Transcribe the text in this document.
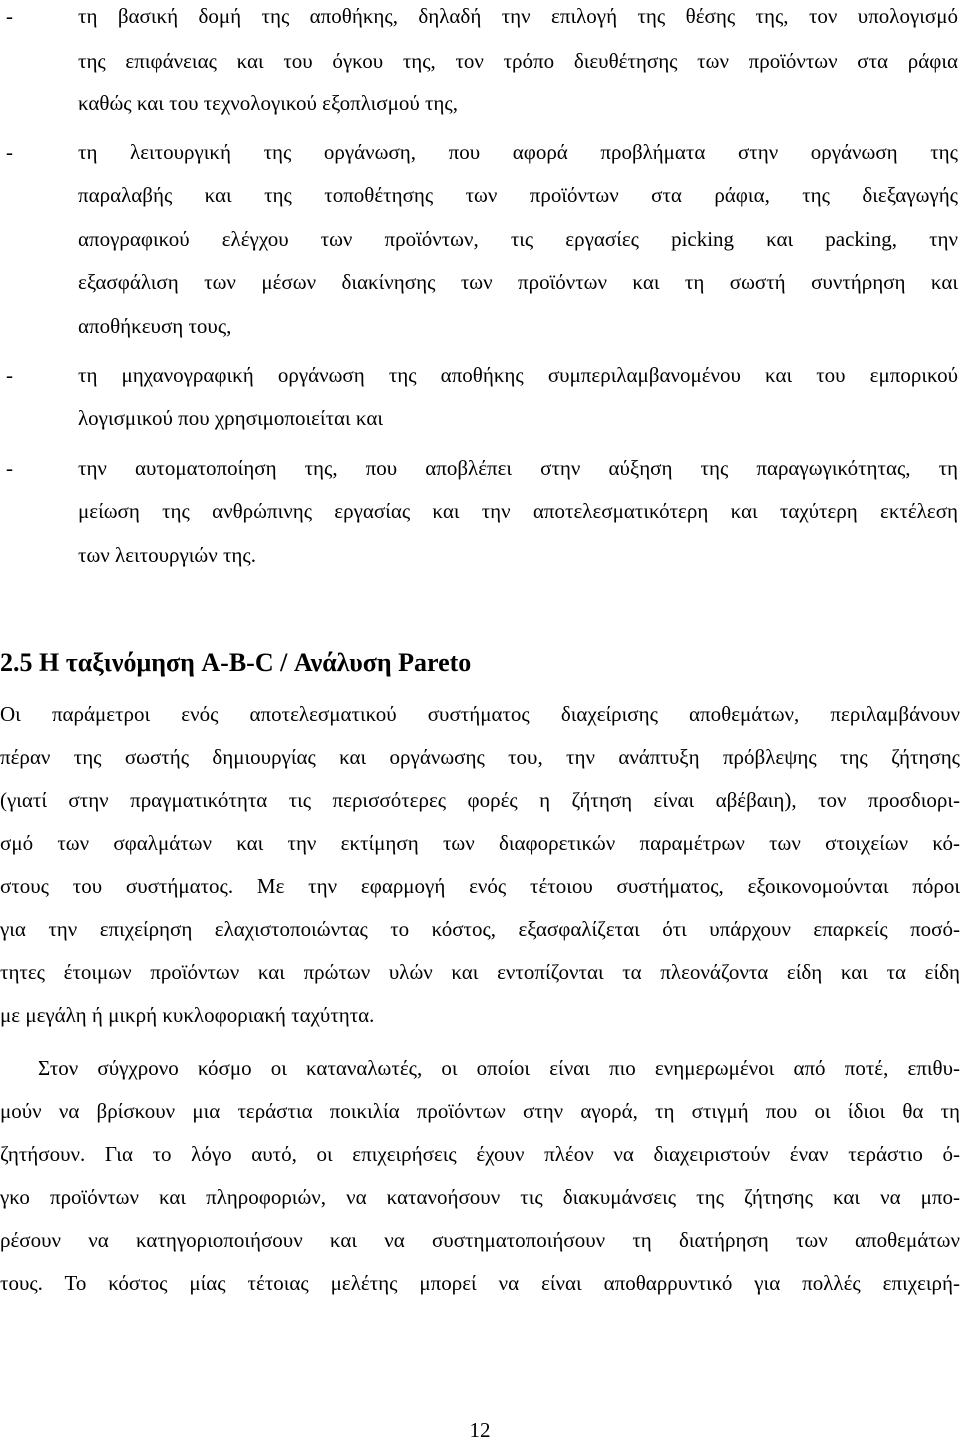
-	τη βασική δομή της αποθήκης, δηλαδή την επιλογή της θέσης της, τον υπολογισμό
της επιφάνειας και του όγκου της, τον τρόπο διευθέτησης των προϊόντων στα ράφια
καθώς και του τεχνολογικού εξοπλισμού της,
-	τη λειτουργική της οργάνωση, που αφορά προβλήματα στην οργάνωση της
παραλαβής και της τοποθέτησης των προϊόντων στα ράφια, της διεξαγωγής
απογραφικού ελέγχου των προϊόντων, τις εργασίες picking και packing, την
εξασφάλιση των μέσων διακίνησης των προϊόντων και τη σωστή συντήρηση και
αποθήκευση τους,
-	τη μηχανογραφική οργάνωση της αποθήκης συμπεριλαμβανομένου και του εμπορικού
λογισμικού που χρησιμοποιείται και
-	την αυτοματοποίηση της, που αποβλέπει στην αύξηση της παραγωγικότητας, τη
μείωση της ανθρώπινης εργασίας και την αποτελεσματικότερη και ταχύτερη εκτέλεση
των λειτουργιών της.
2.5 Η ταξινόμηση A-B-C / Ανάλυση Pareto
Οι παράμετροι ενός αποτελεσματικού συστήματος διαχείρισης αποθεμάτων, περιλαμβάνουν
πέραν της σωστής δημιουργίας και οργάνωσης του, την ανάπτυξη πρόβλεψης της ζήτησης
(γιατί στην πραγματικότητα τις περισσότερες φορές η ζήτηση είναι αβέβαιη), τον προσδιορι-
σμό των σφαλμάτων και την εκτίμηση των διαφορετικών παραμέτρων των στοιχείων κό-
στους του συστήματος. Με την εφαρμογή ενός τέτοιου συστήματος, εξοικονομούνται πόροι
για την επιχείρηση ελαχιστοποιώντας το κόστος, εξασφαλίζεται ότι υπάρχουν επαρκείς ποσό-
τητες έτοιμων προϊόντων και πρώτων υλών και εντοπίζονται τα πλεονάζοντα είδη και τα είδη
με μεγάλη ή μικρή κυκλοφοριακή ταχύτητα.
Στον σύγχρονο κόσμο οι καταναλωτές, οι οποίοι είναι πιο ενημερωμένοι από ποτέ, επιθυ-
μούν να βρίσκουν μια τεράστια ποικιλία προϊόντων στην αγορά, τη στιγμή που οι ίδιοι θα τη
ζητήσουν. Για το λόγο αυτό, οι επιχειρήσεις έχουν πλέον να διαχειριστούν έναν τεράστιο ό-
γκο προϊόντων και πληροφοριών, να κατανοήσουν τις διακυμάνσεις της ζήτησης και να μπο-
ρέσουν να κατηγοριοποιήσουν και να συστηματοποιήσουν τη διατήρηση των αποθεμάτων
τους. Το κόστος μίας τέτοιας μελέτης μπορεί να είναι αποθαρρυντικό για πολλές επιχειρή-
12
